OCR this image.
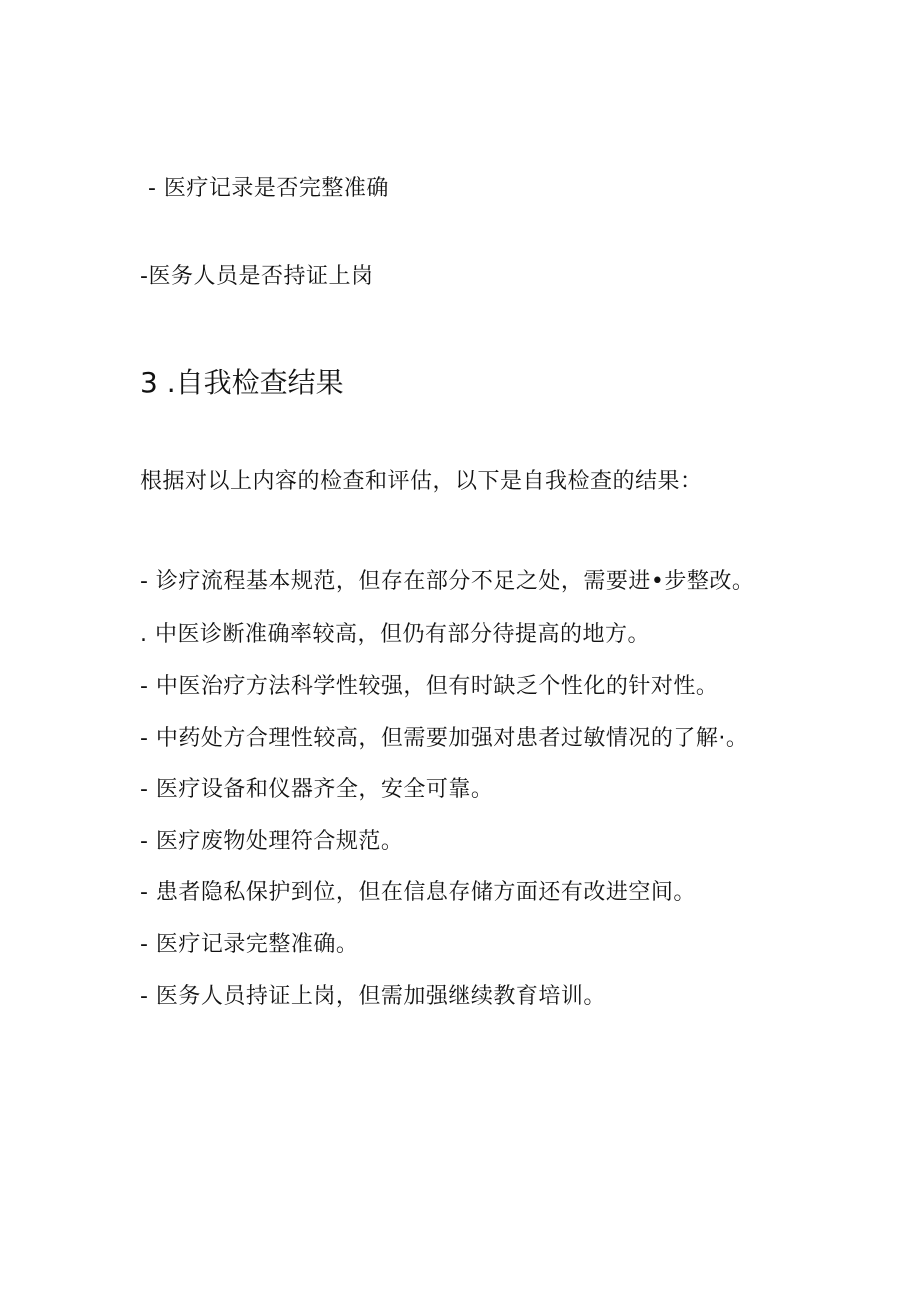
- 医疗记录是否完整准确

-医务人员是否持证上岗

3 .自我检查结果

根据对以上内容的检查和评估，以下是自我检查的结果：

- 诊疗流程基本规范，但存在部分不足之处，需要进•步整改。

. 中医诊断准确率较高，但仍有部分待提高的地方。

- 中医治疗方法科学性较强，但有时缺乏个性化的针对性。

- 中药处方合理性较高，但需要加强对患者过敏情况的了解·。

- 医疗设备和仪器齐全，安全可靠。

- 医疗废物处理符合规范。

- 患者隐私保护到位，但在信息存储方面还有改进空间。

- 医疗记录完整准确。

- 医务人员持证上岗，但需加强继续教育培训。
